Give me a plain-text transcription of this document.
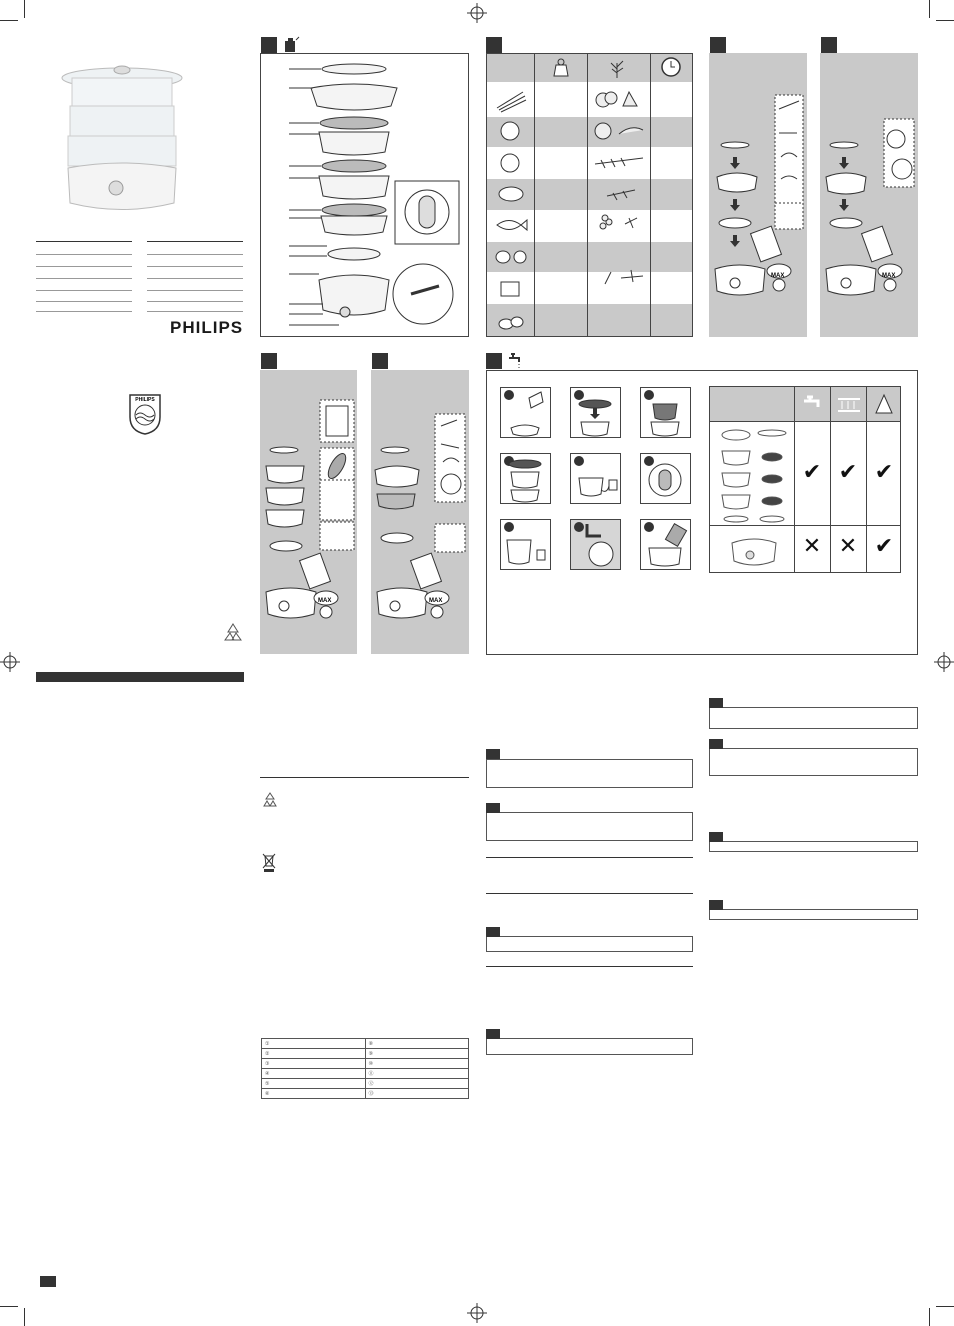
PHILIPS
PHILIPS
MAX	MAX
MAX	MAX
✔ ✔ ✔
✕ ✕ ✔
①	⑧
②	⑨
③	⑩
④	⑪
⑤	⑫
⑥	⑬
